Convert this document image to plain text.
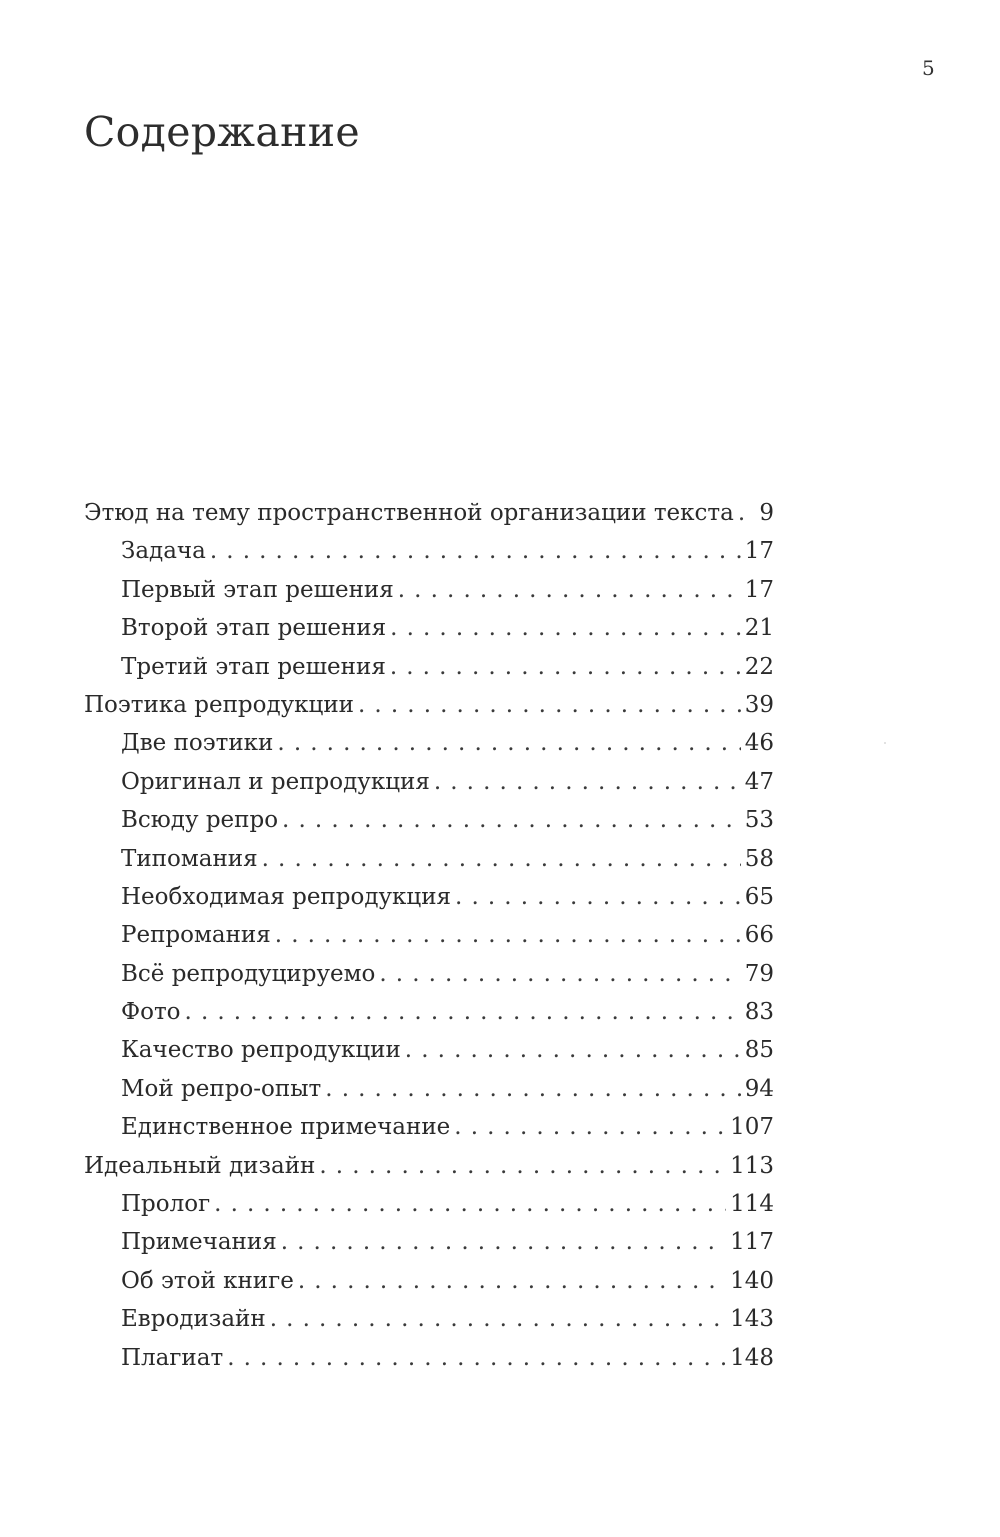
5
Содержание
Этюд на тему пространственной организации текста . . . 9
Задача . . .	17
Первый этап решения . . .	17
Второй этап решения . . .	21
Третий этап решения . . .	22
Поэтика репродукции . . .	39
Две поэтики . . .	46
Оригинал и репродукция . . .	47
Всюду репро . . .	53
Типомания . . .	58
Необходимая репродукция . . .	65
Репромания . . .	66
Всё репродуцируемо . . .	79
Фото . . .	83
Качество репродукции . . .	85
Мой репро-опыт . . .	94
Единственное примечание . . .	107
Идеальный дизайн . . .	113
Пролог . . .	114
Примечания . . .	117
Об этой книге . . .	140
Евродизайн . . .	143
Плагиат . . .	148
